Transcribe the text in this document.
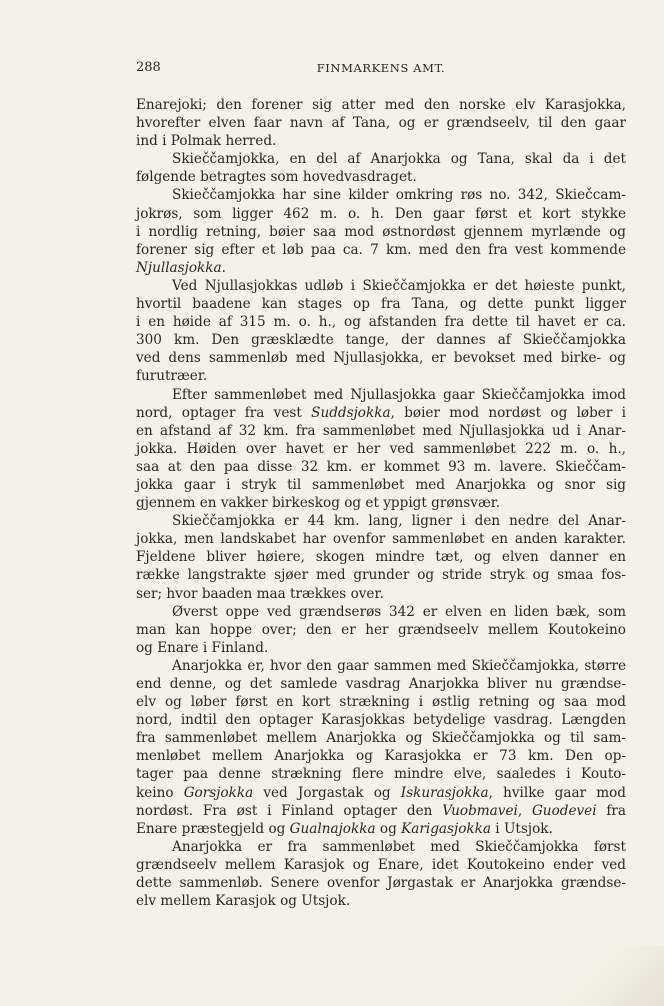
288	FINMARKENS AMT.
Enarejoki; den forener sig atter med den norske elv Karasjokka,
hvorefter elven faar navn af Tana, og er grændseelv, til den gaar
ind i Polmak herred.
Skieččamjokka, en del af Anarjokka og Tana, skal da i det
følgende betragtes som hovedvasdraget.
Skieččamjokka har sine kilder omkring røs no. 342, Skiečcam-
jokrøs, som ligger 462 m. o. h. Den gaar først et kort stykke
i nordlig retning, bøier saa mod østnordøst gjennem myrlænde og
forener sig efter et løb paa ca. 7 km. med den fra vest kommende
Njullasjokka.
Ved Njullasjokkas udløb i Skieččamjokka er det høieste punkt,
hvortil baadene kan stages op fra Tana, og dette punkt ligger
i en høide af 315 m. o. h., og afstanden fra dette til havet er ca.
300 km. Den græsklædte tange, der dannes af Skieččamjokka
ved dens sammenløb med Njullasjokka, er bevokset med birke- og
furutræer.
Efter sammenløbet med Njullasjokka gaar Skieččamjokka imod
nord, optager fra vest Suddsjokka, bøier mod nordøst og løber i
en afstand af 32 km. fra sammenløbet med Njullasjokka ud i Anar-
jokka. Høiden over havet er her ved sammenløbet 222 m. o. h.,
saa at den paa disse 32 km. er kommet 93 m. lavere. Skieččam-
jokka gaar i stryk til sammenløbet med Anarjokka og snor sig
gjennem en vakker birkeskog og et yppigt grønsvær.
Skieččamjokka er 44 km. lang, ligner i den nedre del Anar-
jokka, men landskabet har ovenfor sammenløbet en anden karakter.
Fjeldene bliver høiere, skogen mindre tæt, og elven danner en
række langstrakte sjøer med grunder og stride stryk og smaa fos-
ser; hvor baaden maa trækkes over.
Øverst oppe ved grændserøs 342 er elven en liden bæk, som
man kan hoppe over; den er her grændseelv mellem Koutokeino
og Enare i Finland.
Anarjokka er, hvor den gaar sammen med Skieččamjokka, større
end denne, og det samlede vasdrag Anarjokka bliver nu grændse-
elv og løber først en kort strækning i østlig retning og saa mod
nord, indtil den optager Karasjokkas betydelige vasdrag. Længden
fra sammenløbet mellem Anarjokka og Skieččamjokka og til sam-
menløbet mellem Anarjokka og Karasjokka er 73 km. Den op-
tager paa denne strækning flere mindre elve, saaledes i Kouto-
keino Gorsjokka ved Jorgastak og Iskurasjokka, hvilke gaar mod
nordøst. Fra øst i Finland optager den Vuobmavei, Guodevei fra
Enare præstegjeld og Gualnajokka og Karigasjokka i Utsjok.
Anarjokka er fra sammenløbet med Skieččamjokka først
grændseelv mellem Karasjok og Enare, idet Koutokeino ender ved
dette sammenløb. Senere ovenfor Jørgastak er Anarjokka grændse-
elv mellem Karasjok og Utsjok.
